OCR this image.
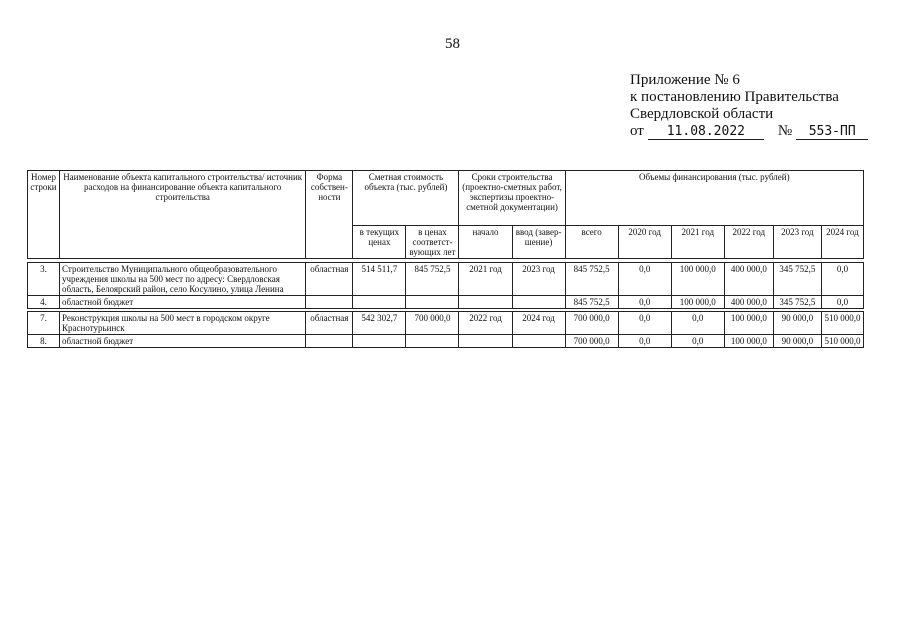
58
Приложение № 6
к постановлению Правительства
Свердловской области
от	11.08.2022	№	553-ПП
Номер строки	Наименование объекта капитального строительства/ источник расходов на финансирование объекта капитального строительства	Форма собствен-ности	Сметная стоимость объекта (тыс. рублей)		Сроки строительства (проектно-сметных работ, экспертизы проектно-сметной документации)		Объемы финансирования (тыс. рублей)					
			в текущих ценах	в ценах соответст-вующих лет	начало	ввод (завер-шение)	всего	2020 год	2021 год	2022 год	2023 год	2024 год

3.	Строительство Муниципального общеобразовательного учреждения школы на 500 мест по адресу: Свердловская область, Белоярский район, село Косулино, улица Ленина	областная	514 511,7	845 752,5	2021 год	2023 год	845 752,5	0,0	100 000,0	400 000,0	345 752,5	0,0
4.	областной бюджет						845 752,5	0,0	100 000,0	400 000,0	345 752,5	0,0

7.	Реконструкция школы на 500 мест в городском округе Краснотурьинск	областная	542 302,7	700 000,0	2022 год	2024 год	700 000,0	0,0	0,0	100 000,0	90 000,0	510 000,0
8.	областной бюджет						700 000,0	0,0	0,0	100 000,0	90 000,0	510 000,0
